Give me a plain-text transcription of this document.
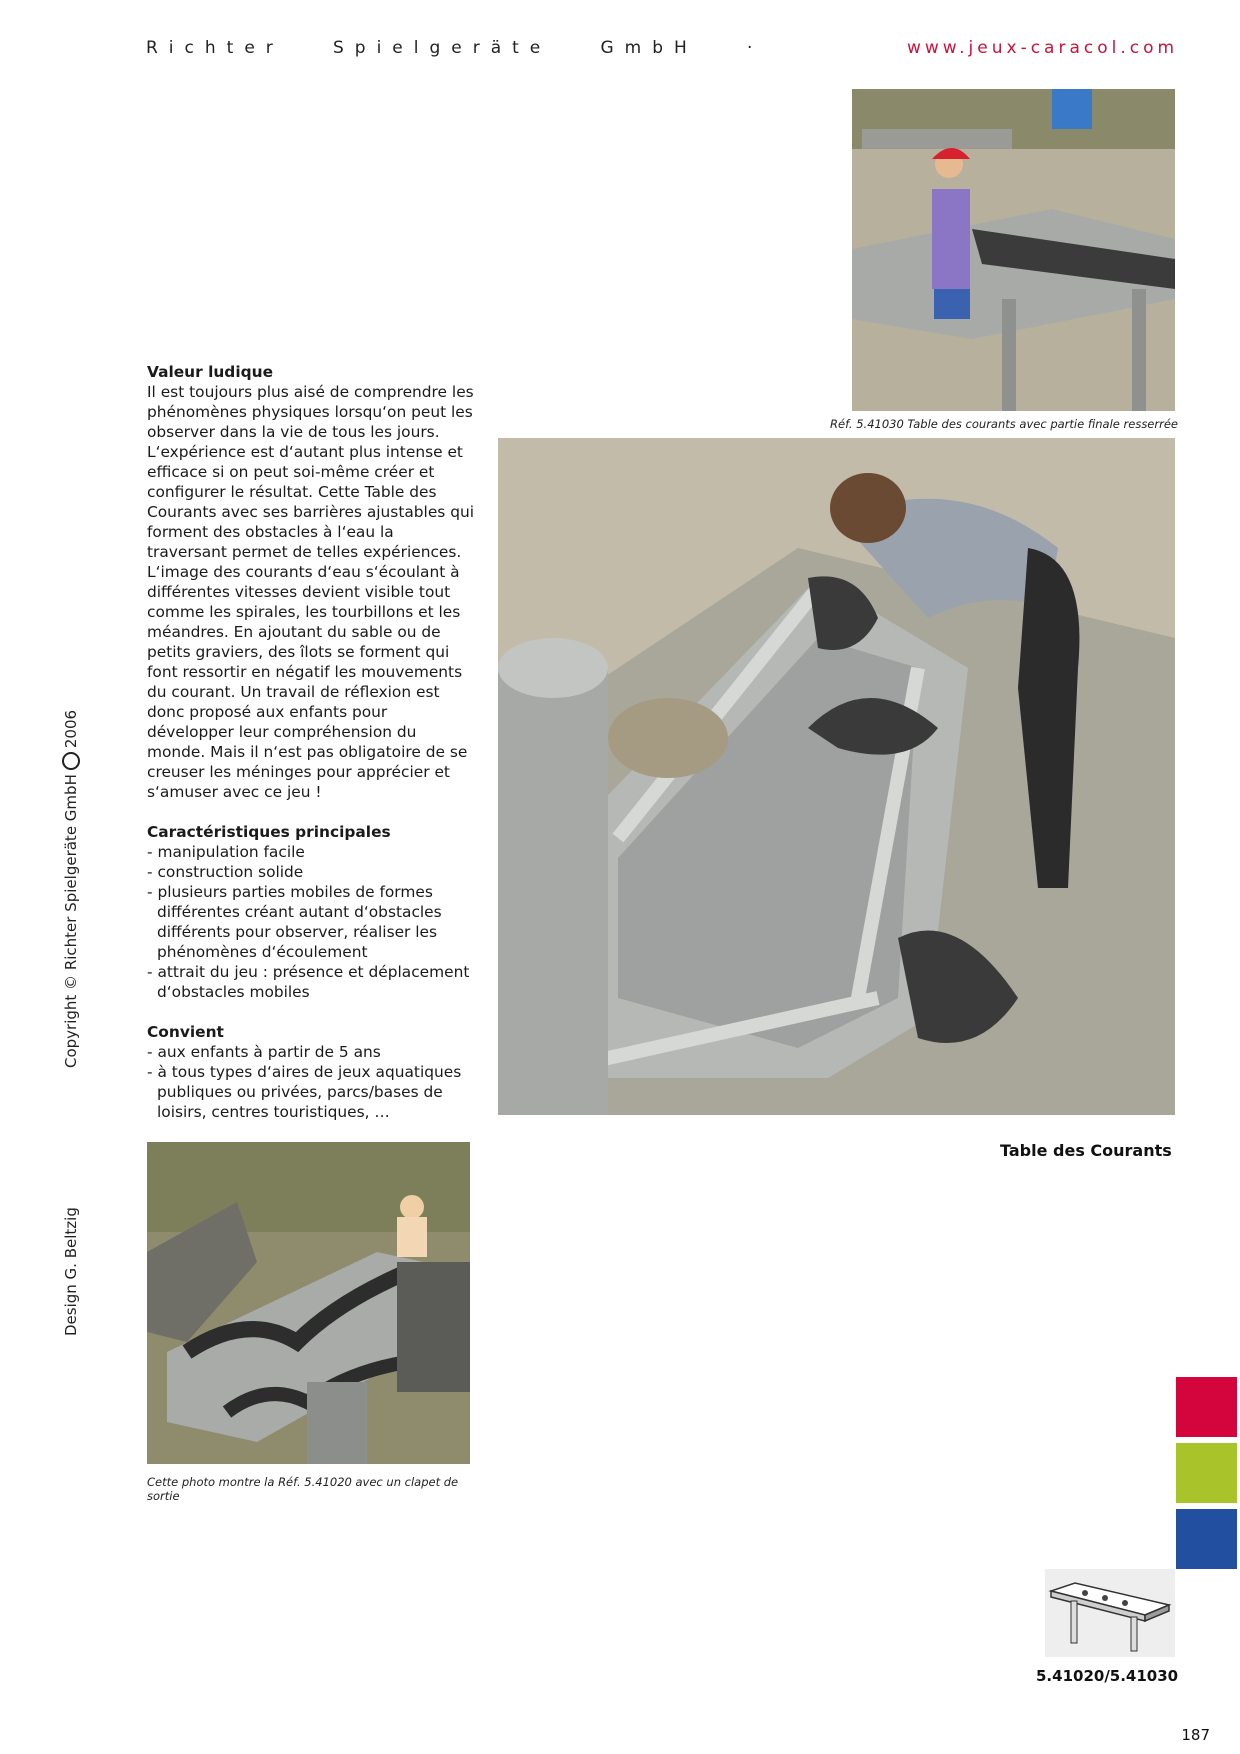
Richter   Spielgeräte   GmbH   ·	www.jeux-caracol.com
Réf. 5.41030 Table des courants avec partie finale resserrée
Table des Courants
Valeur ludique

Il est toujours plus aisé de comprendre les phénomènes physiques lorsqu‘on peut les observer dans la vie de tous les jours. L‘expérience est d‘autant plus intense et efficace si on peut soi-même créer et configurer le résultat. Cette Table des Courants avec ses barrières ajustables qui forment des obstacles à l‘eau la traversant permet de telles expériences. L‘image des courants d‘eau s‘écoulant à différentes vitesses devient visible tout comme les spirales, les tourbillons et les méandres. En ajoutant du sable ou de petits graviers, des îlots se forment qui font ressortir en négatif les mouvements du courant. Un travail de réflexion est donc proposé aux enfants pour développer leur compréhension du monde. Mais il n‘est pas obligatoire de se creuser les méninges pour apprécier et s‘amuser avec ce jeu !

Caractéristiques principales
- manipulation facile
- construction solide
- plusieurs parties mobiles de formes différentes créant autant d‘obstacles différents pour observer, réaliser les phénomènes d‘écoulement
- attrait du jeu : présence et déplacement d‘obstacles mobiles
Convient
- aux enfants à partir de 5 ans
- à tous types d‘aires de jeux aquatiques publiques ou privées, parcs/bases de loisirs, centres touristiques, …
Cette photo montre la Réf. 5.41020 avec un clapet de sortie
Copyright © Richter Spielgeräte GmbH
2006
Design G. Beltzig
5.41020/5.41030
187
